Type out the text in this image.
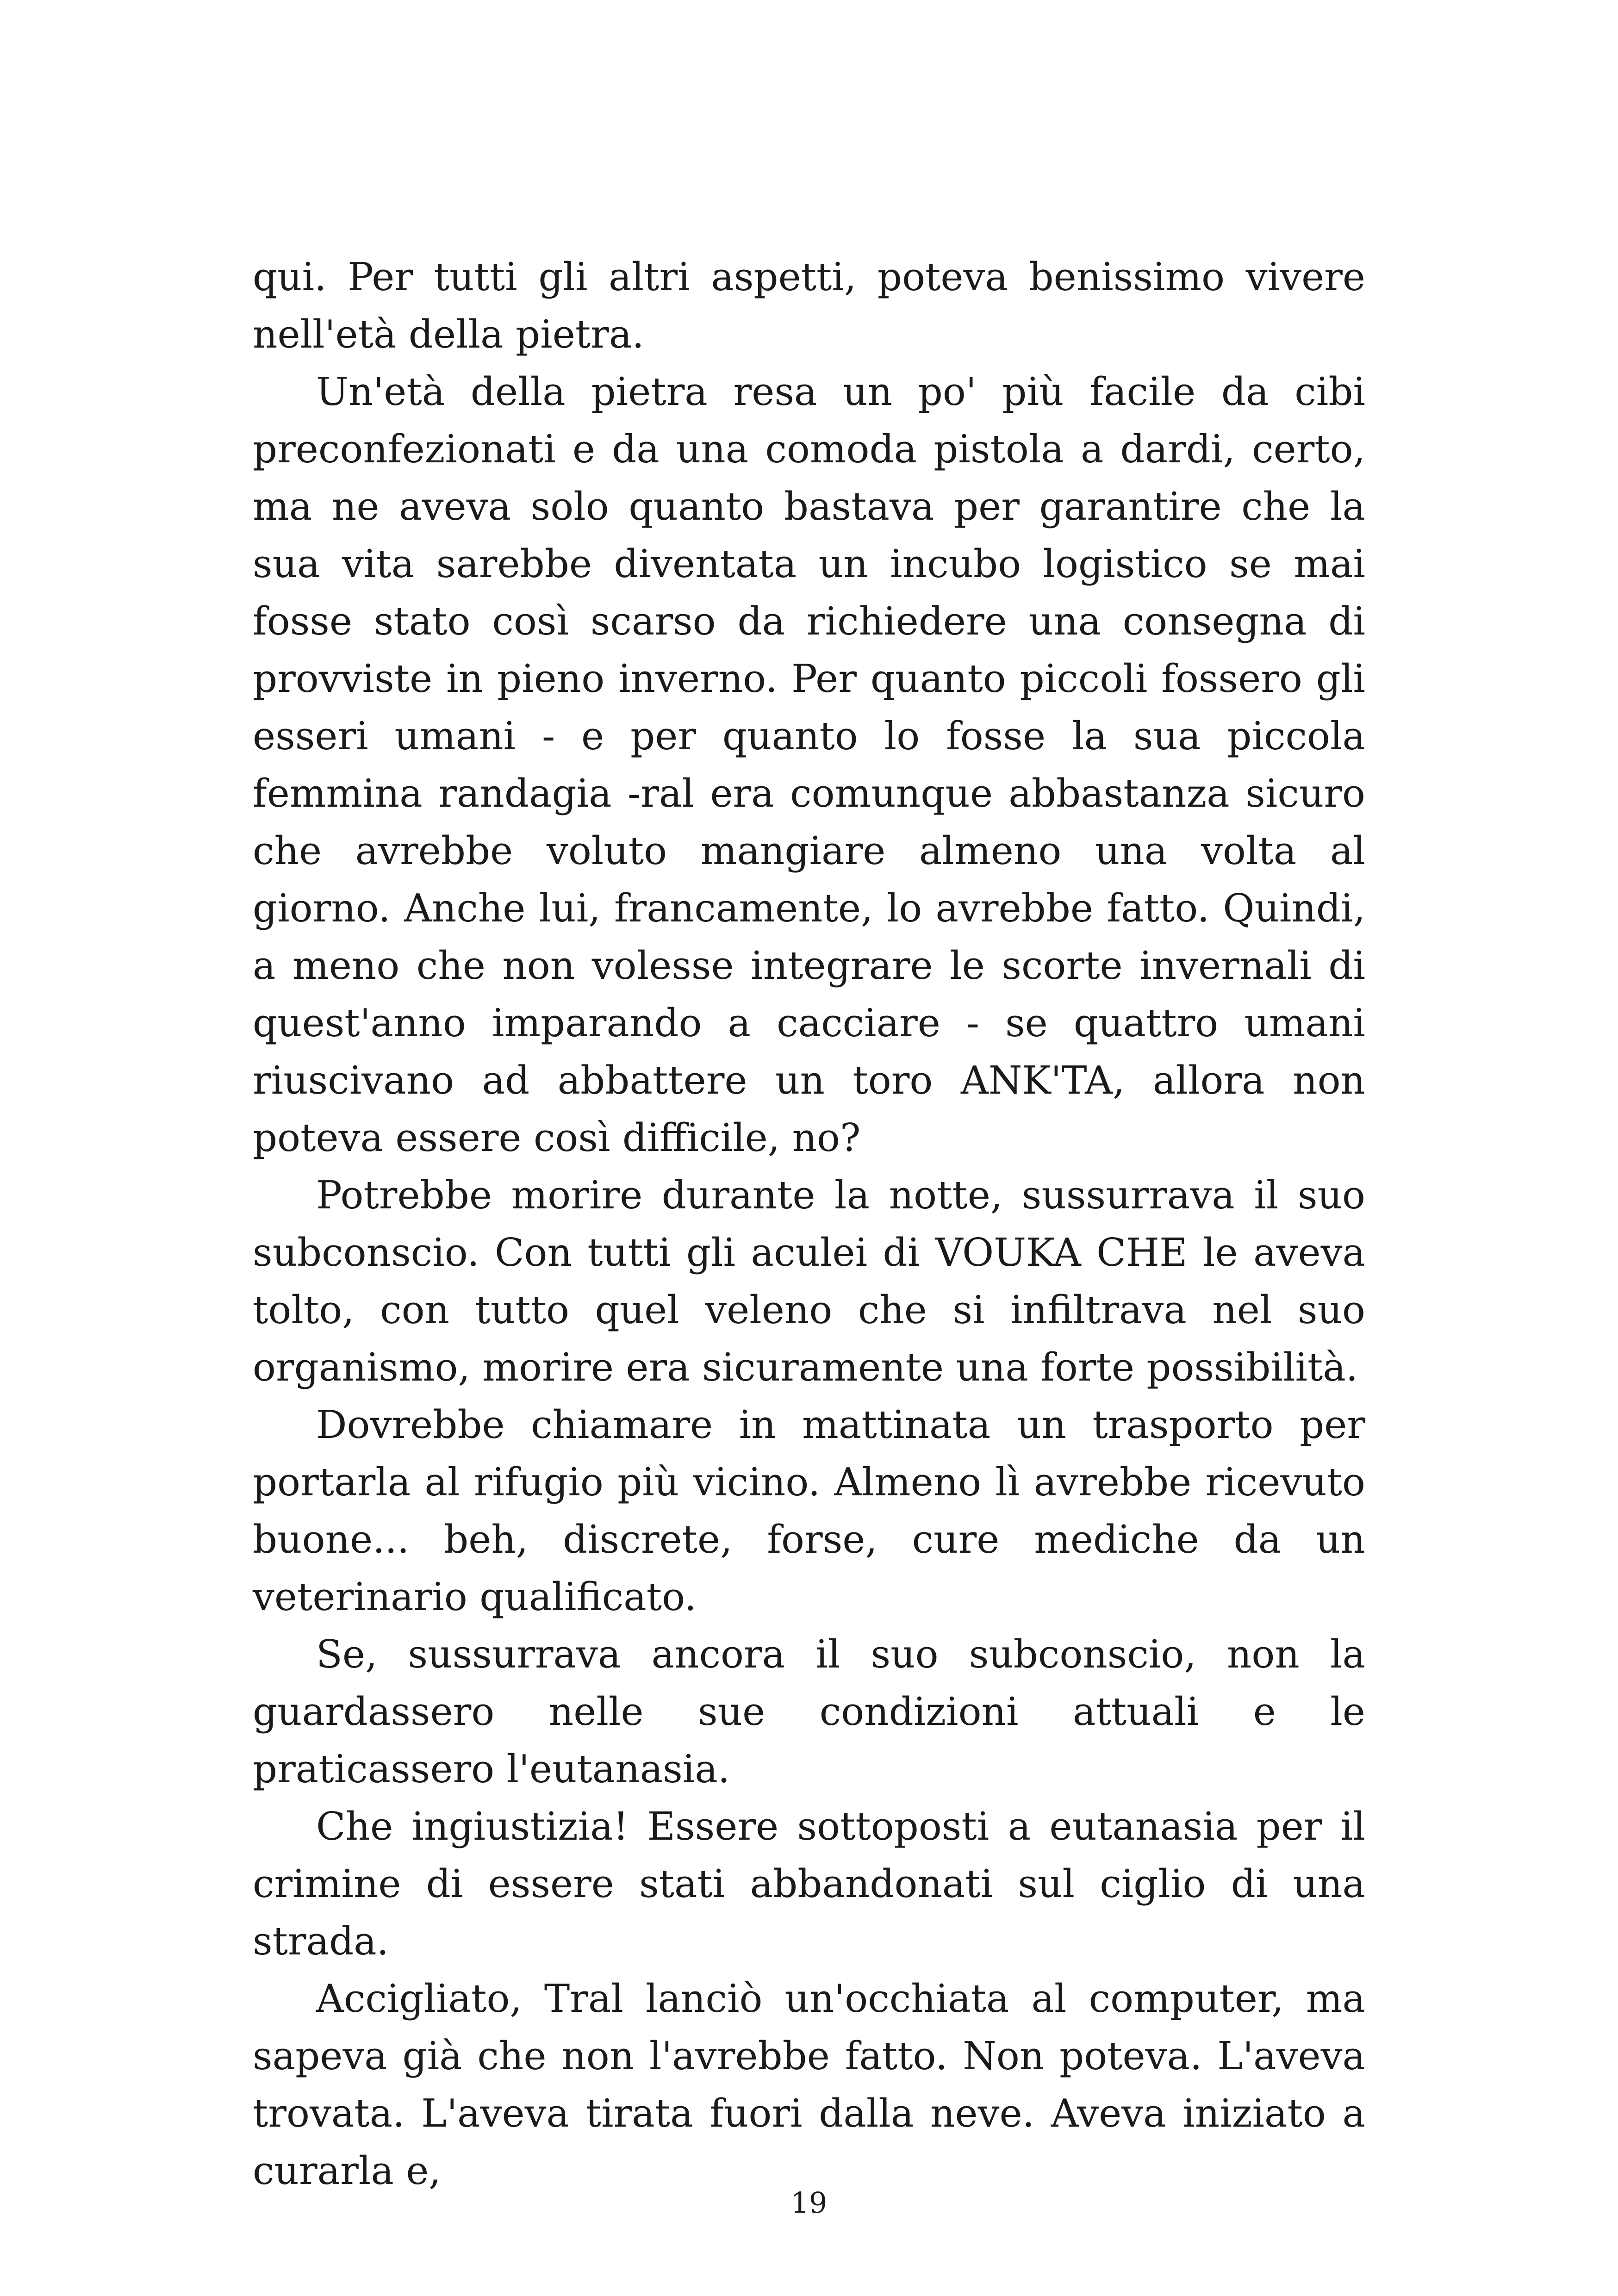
qui. Per tutti gli altri aspetti, poteva benissimo vivere nell'età della pietra.

Un'età della pietra resa un po' più facile da cibi preconfezionati e da una comoda pistola a dardi, certo, ma ne aveva solo quanto bastava per garantire che la sua vita sarebbe diventata un incubo logistico se mai fosse stato così scarso da richiedere una consegna di provviste in pieno inverno. Per quanto piccoli fossero gli esseri umani - e per quanto lo fosse la sua piccola femmina randagia -ral era comunque abbastanza sicuro che avrebbe voluto mangiare almeno una volta al giorno. Anche lui, francamente, lo avrebbe fatto. Quindi, a meno che non volesse integrare le scorte invernali di quest'anno imparando a cacciare - se quattro umani riuscivano ad abbattere un toro ANK'TA, allora non poteva essere così difficile, no?

Potrebbe morire durante la notte, sussurrava il suo subconscio. Con tutti gli aculei di VOUKA CHE le aveva tolto, con tutto quel veleno che si infiltrava nel suo organismo, morire era sicuramente una forte possibilità.

Dovrebbe chiamare in mattinata un trasporto per portarla al rifugio più vicino. Almeno lì avrebbe ricevuto buone... beh, discrete, forse, cure mediche da un veterinario qualificato.

Se, sussurrava ancora il suo subconscio, non la guardassero nelle sue condizioni attuali e le praticassero l'eutanasia.

Che ingiustizia! Essere sottoposti a eutanasia per il crimine di essere stati abbandonati sul ciglio di una strada.

Accigliato, Tral lanciò un'occhiata al computer, ma sapeva già che non l'avrebbe fatto. Non poteva. L'aveva trovata. L'aveva tirata fuori dalla neve. Aveva iniziato a curarla e,

19
